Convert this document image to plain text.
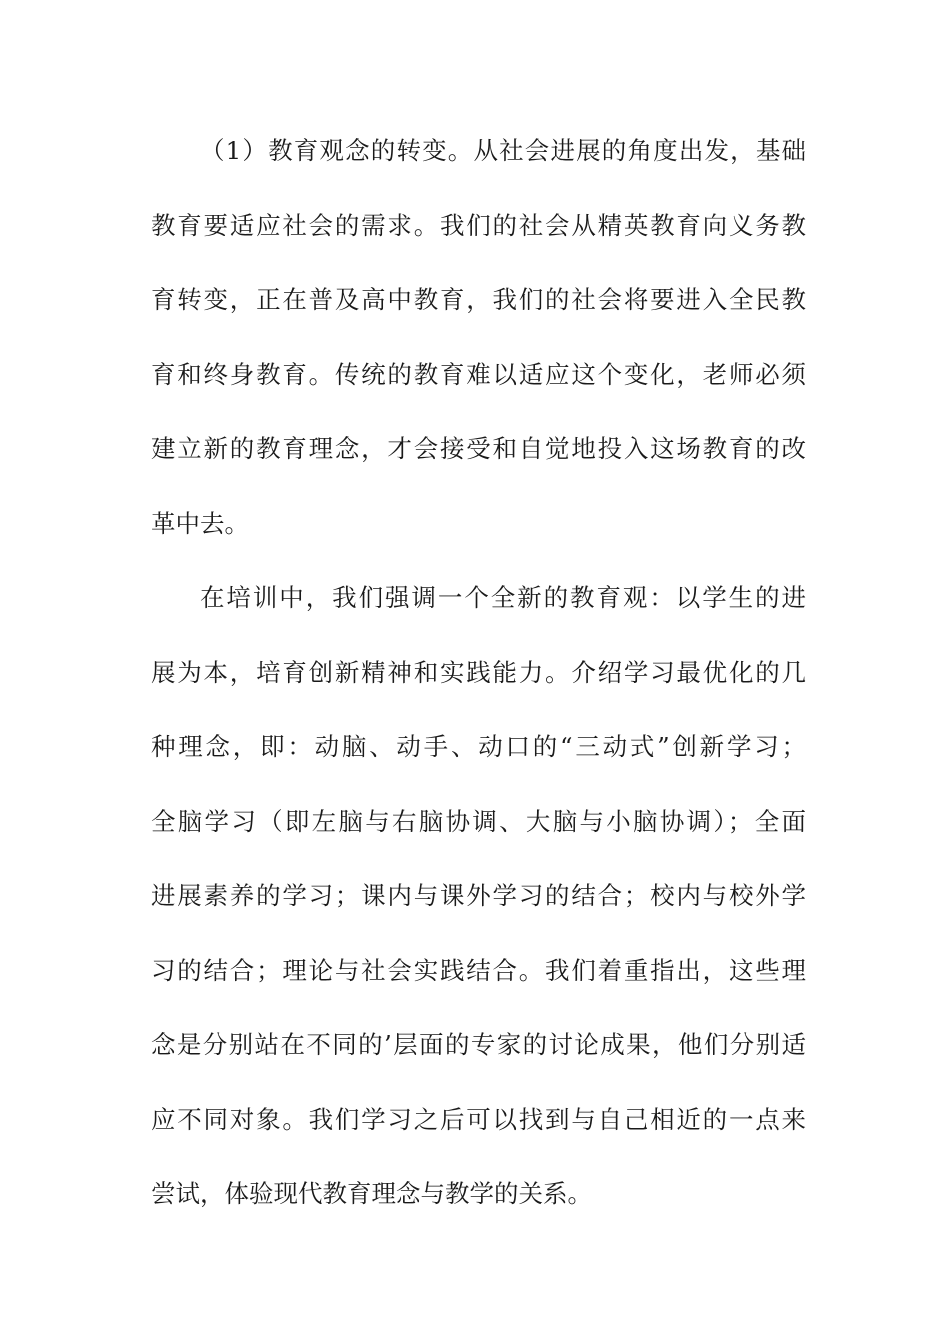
（1）教育观念的转变。从社会进展的角度出发，基础
教育要适应社会的需求。我们的社会从精英教育向义务教
育转变，正在普及高中教育，我们的社会将要进入全民教
育和终身教育。传统的教育难以适应这个变化，老师必须
建立新的教育理念，才会接受和自觉地投入这场教育的改
革中去。
在培训中，我们强调一个全新的教育观：以学生的进
展为本，培育创新精神和实践能力。介绍学习最优化的几
种理念，即：动脑、动手、动口的“三动式”创新学习；
全脑学习（即左脑与右脑协调、大脑与小脑协调）；全面
进展素养的学习；课内与课外学习的结合；校内与校外学
习的结合；理论与社会实践结合。我们着重指出，这些理
念是分别站在不同的’层面的专家的讨论成果，他们分别适
应不同对象。我们学习之后可以找到与自己相近的一点来
尝试，体验现代教育理念与教学的关系。
